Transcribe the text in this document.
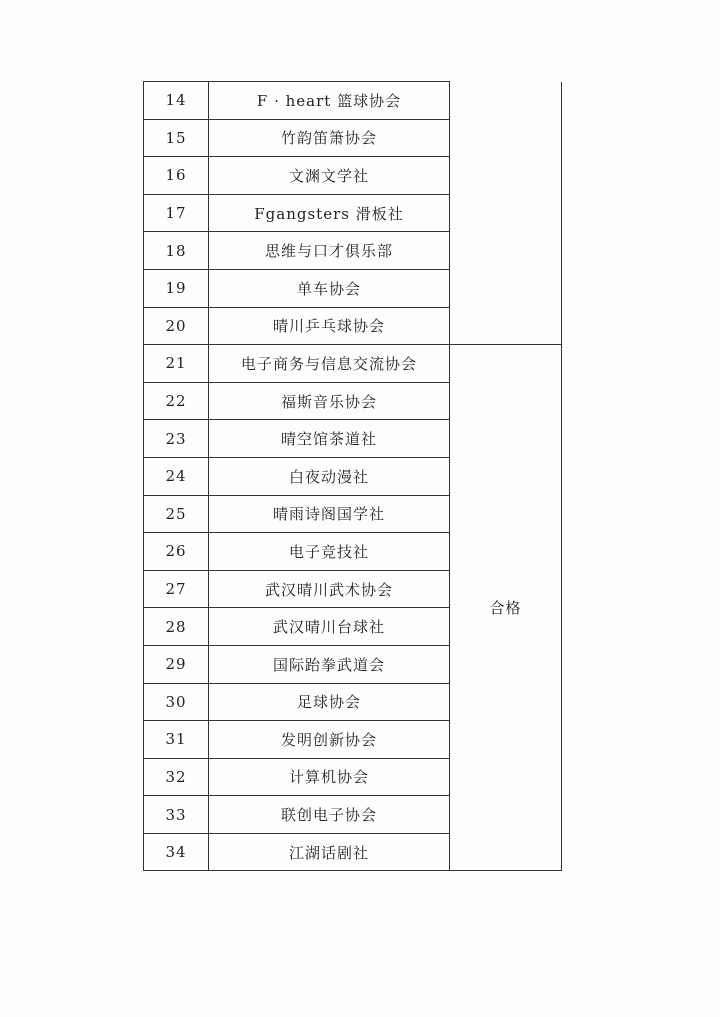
14	F · heart 篮球协会	
15	竹韵笛箫协会	
16	文渊文学社	
17	Fgangsters 滑板社	
18	思维与口才俱乐部	
19	单车协会	
20	晴川乒乓球协会	
21	电子商务与信息交流协会	合格
22	福斯音乐协会	
23	晴空馆茶道社	
24	白夜动漫社	
25	晴雨诗阁国学社	
26	电子竞技社	
27	武汉晴川武术协会	
28	武汉晴川台球社	
29	国际跆拳武道会	
30	足球协会	
31	发明创新协会	
32	计算机协会	
33	联创电子协会	
34	江湖话剧社	
